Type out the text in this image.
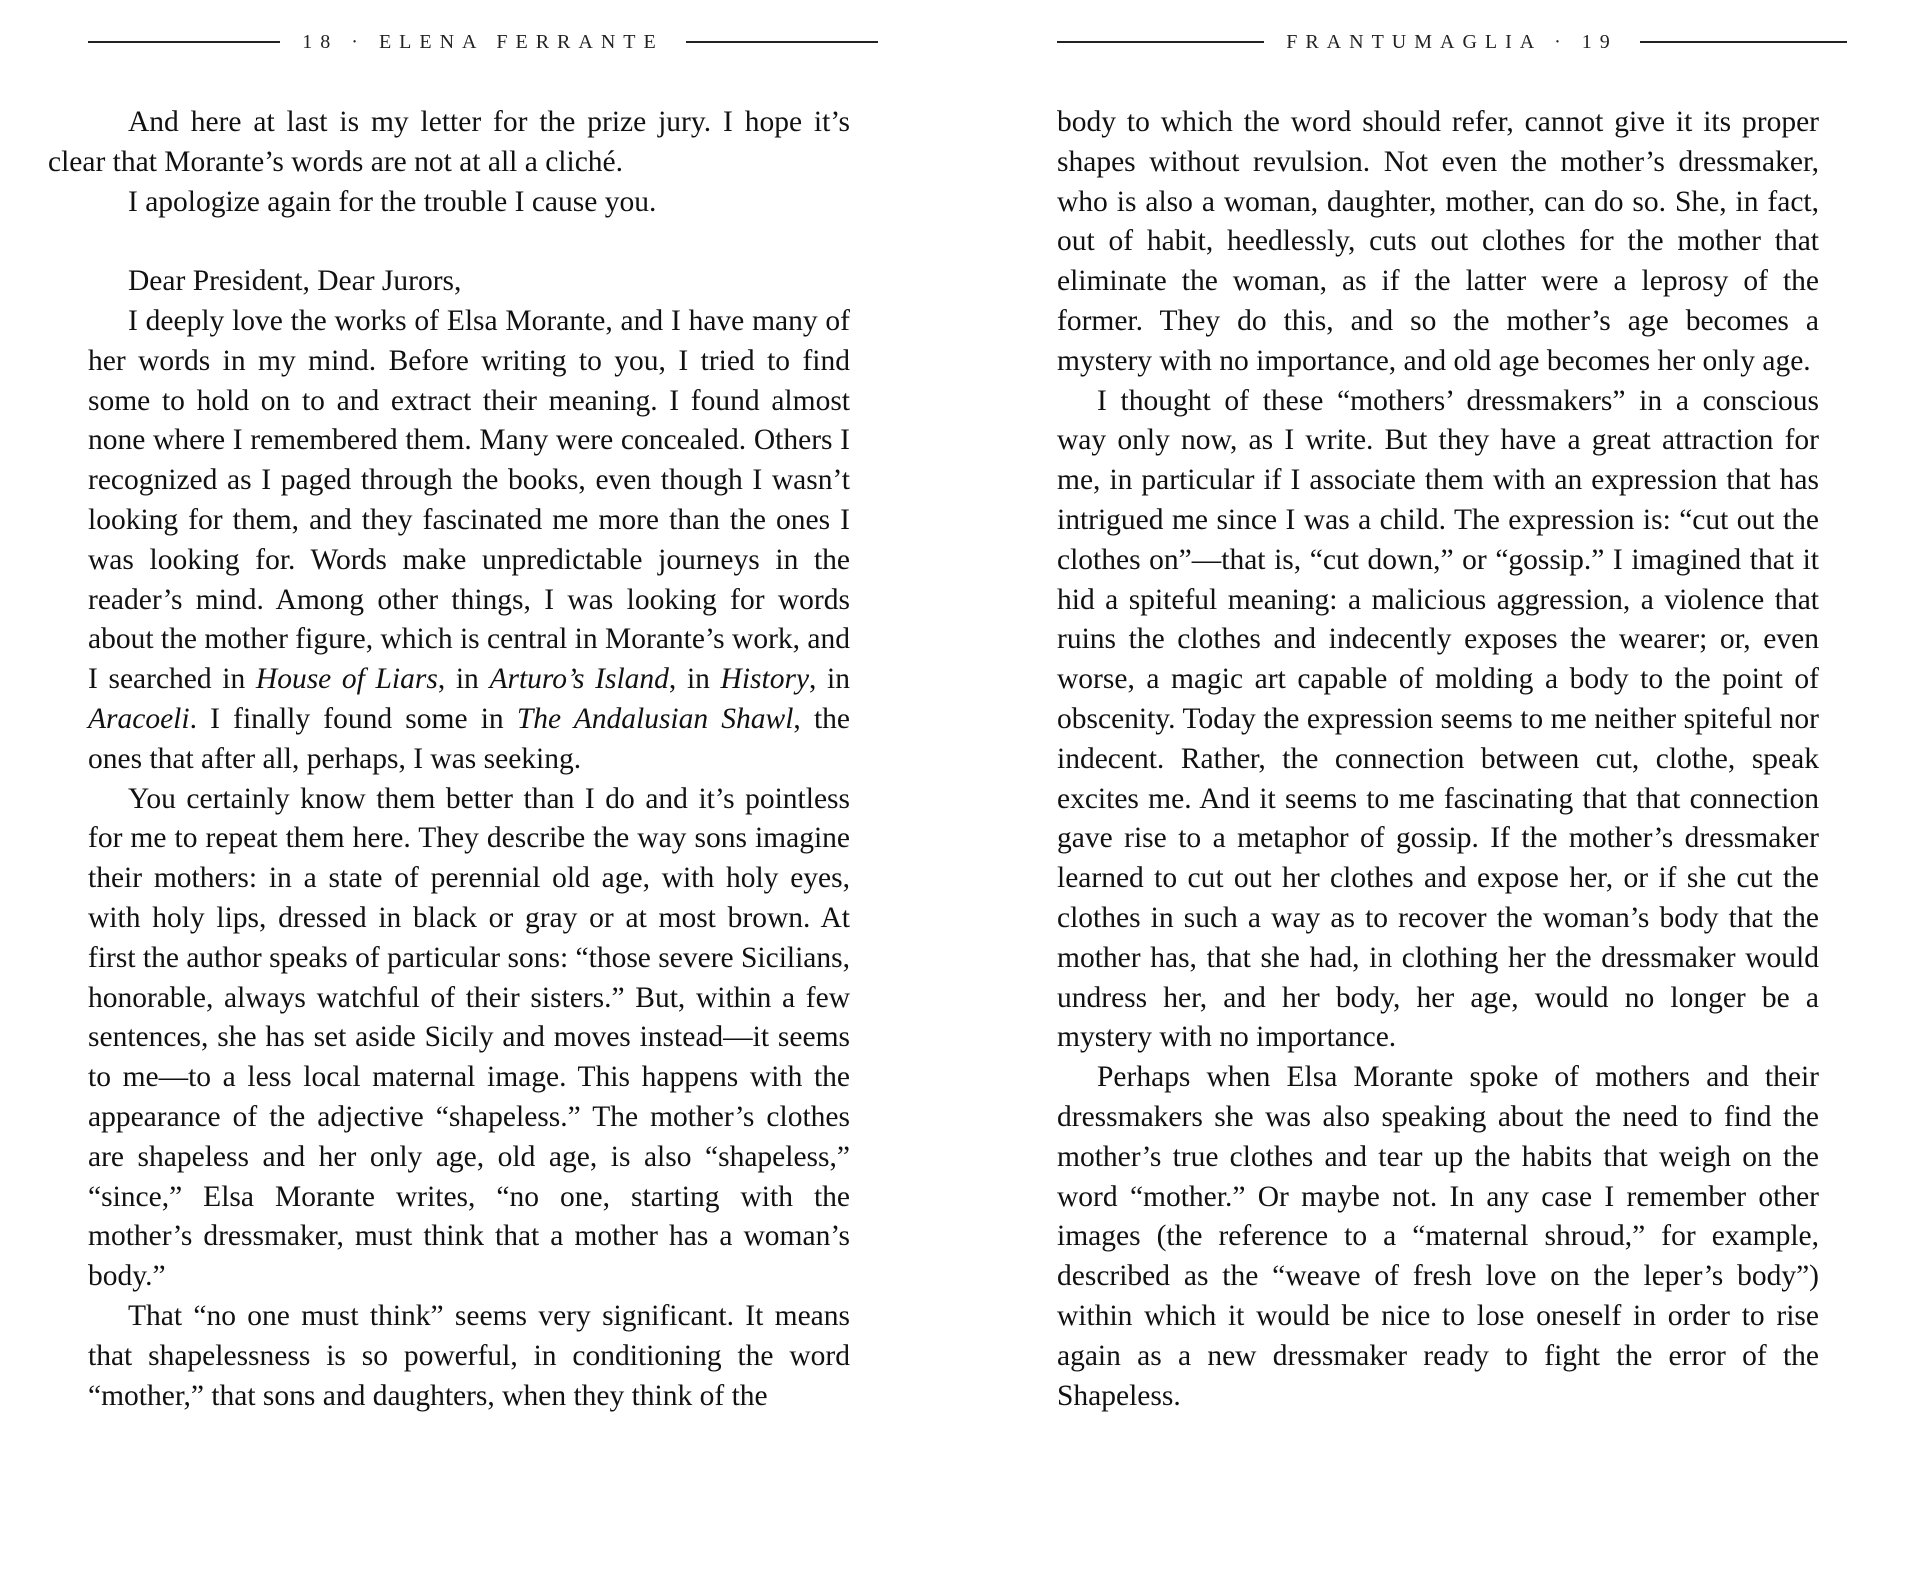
18 · ELENA FERRANTE

And here at last is my letter for the prize jury. I hope it’s

clear that Morante’s words are not at all a cliché.

I apologize again for the trouble I cause you.

Dear President, Dear Jurors,

I deeply love the works of Elsa Morante, and I have many of her words in my mind. Before writing to you, I tried to find some to hold on to and extract their meaning. I found almost none where I remembered them. Many were concealed. Others I recognized as I paged through the books, even though I wasn’t looking for them, and they fascinated me more than the ones I was looking for. Words make unpredictable journeys in the reader’s mind. Among other things, I was looking for words about the mother figure, which is central in Morante’s work, and I searched in House of Liars, in Arturo’s Island, in History, in Aracoeli. I finally found some in The Andalusian Shawl, the ones that after all, perhaps, I was seeking.

You certainly know them better than I do and it’s pointless for me to repeat them here. They describe the way sons imagine their mothers: in a state of perennial old age, with holy eyes, with holy lips, dressed in black or gray or at most brown. At first the author speaks of particular sons: “those severe Sicilians, honorable, always watchful of their sisters.” But, within a few sentences, she has set aside Sicily and moves instead—it seems to me—to a less local maternal image. This happens with the appearance of the adjective “shapeless.” The mother’s clothes are shapeless and her only age, old age, is also “shapeless,” “since,” Elsa Morante writes, “no one, starting with the mother’s dressmaker, must think that a mother has a woman’s body.”

That “no one must think” seems very significant. It means that shapelessness is so powerful, in conditioning the word “mother,” that sons and daughters, when they think of the

FRANTUMAGLIA · 19

body to which the word should refer, cannot give it its proper shapes without revulsion. Not even the mother’s dressmaker, who is also a woman, daughter, mother, can do so. She, in fact, out of habit, heedlessly, cuts out clothes for the mother that eliminate the woman, as if the latter were a leprosy of the former. They do this, and so the mother’s age becomes a mystery with no importance, and old age becomes her only age.

I thought of these “mothers’ dressmakers” in a conscious way only now, as I write. But they have a great attraction for me, in particular if I associate them with an expression that has intrigued me since I was a child. The expression is: “cut out the clothes on”—that is, “cut down,” or “gossip.” I imagined that it hid a spiteful meaning: a malicious aggression, a violence that ruins the clothes and indecently exposes the wearer; or, even worse, a magic art capable of molding a body to the point of obscenity. Today the expression seems to me neither spiteful nor indecent. Rather, the connection between cut, clothe, speak excites me. And it seems to me fascinating that that connection gave rise to a metaphor of gossip. If the mother’s dressmaker learned to cut out her clothes and expose her, or if she cut the clothes in such a way as to recover the woman’s body that the mother has, that she had, in clothing her the dressmaker would undress her, and her body, her age, would no longer be a mystery with no importance.

Perhaps when Elsa Morante spoke of mothers and their dressmakers she was also speaking about the need to find the mother’s true clothes and tear up the habits that weigh on the word “mother.” Or maybe not. In any case I remember other images (the reference to a “maternal shroud,” for example, described as the “weave of fresh love on the leper’s body”) within which it would be nice to lose oneself in order to rise again as a new dressmaker ready to fight the error of the Shapeless.
